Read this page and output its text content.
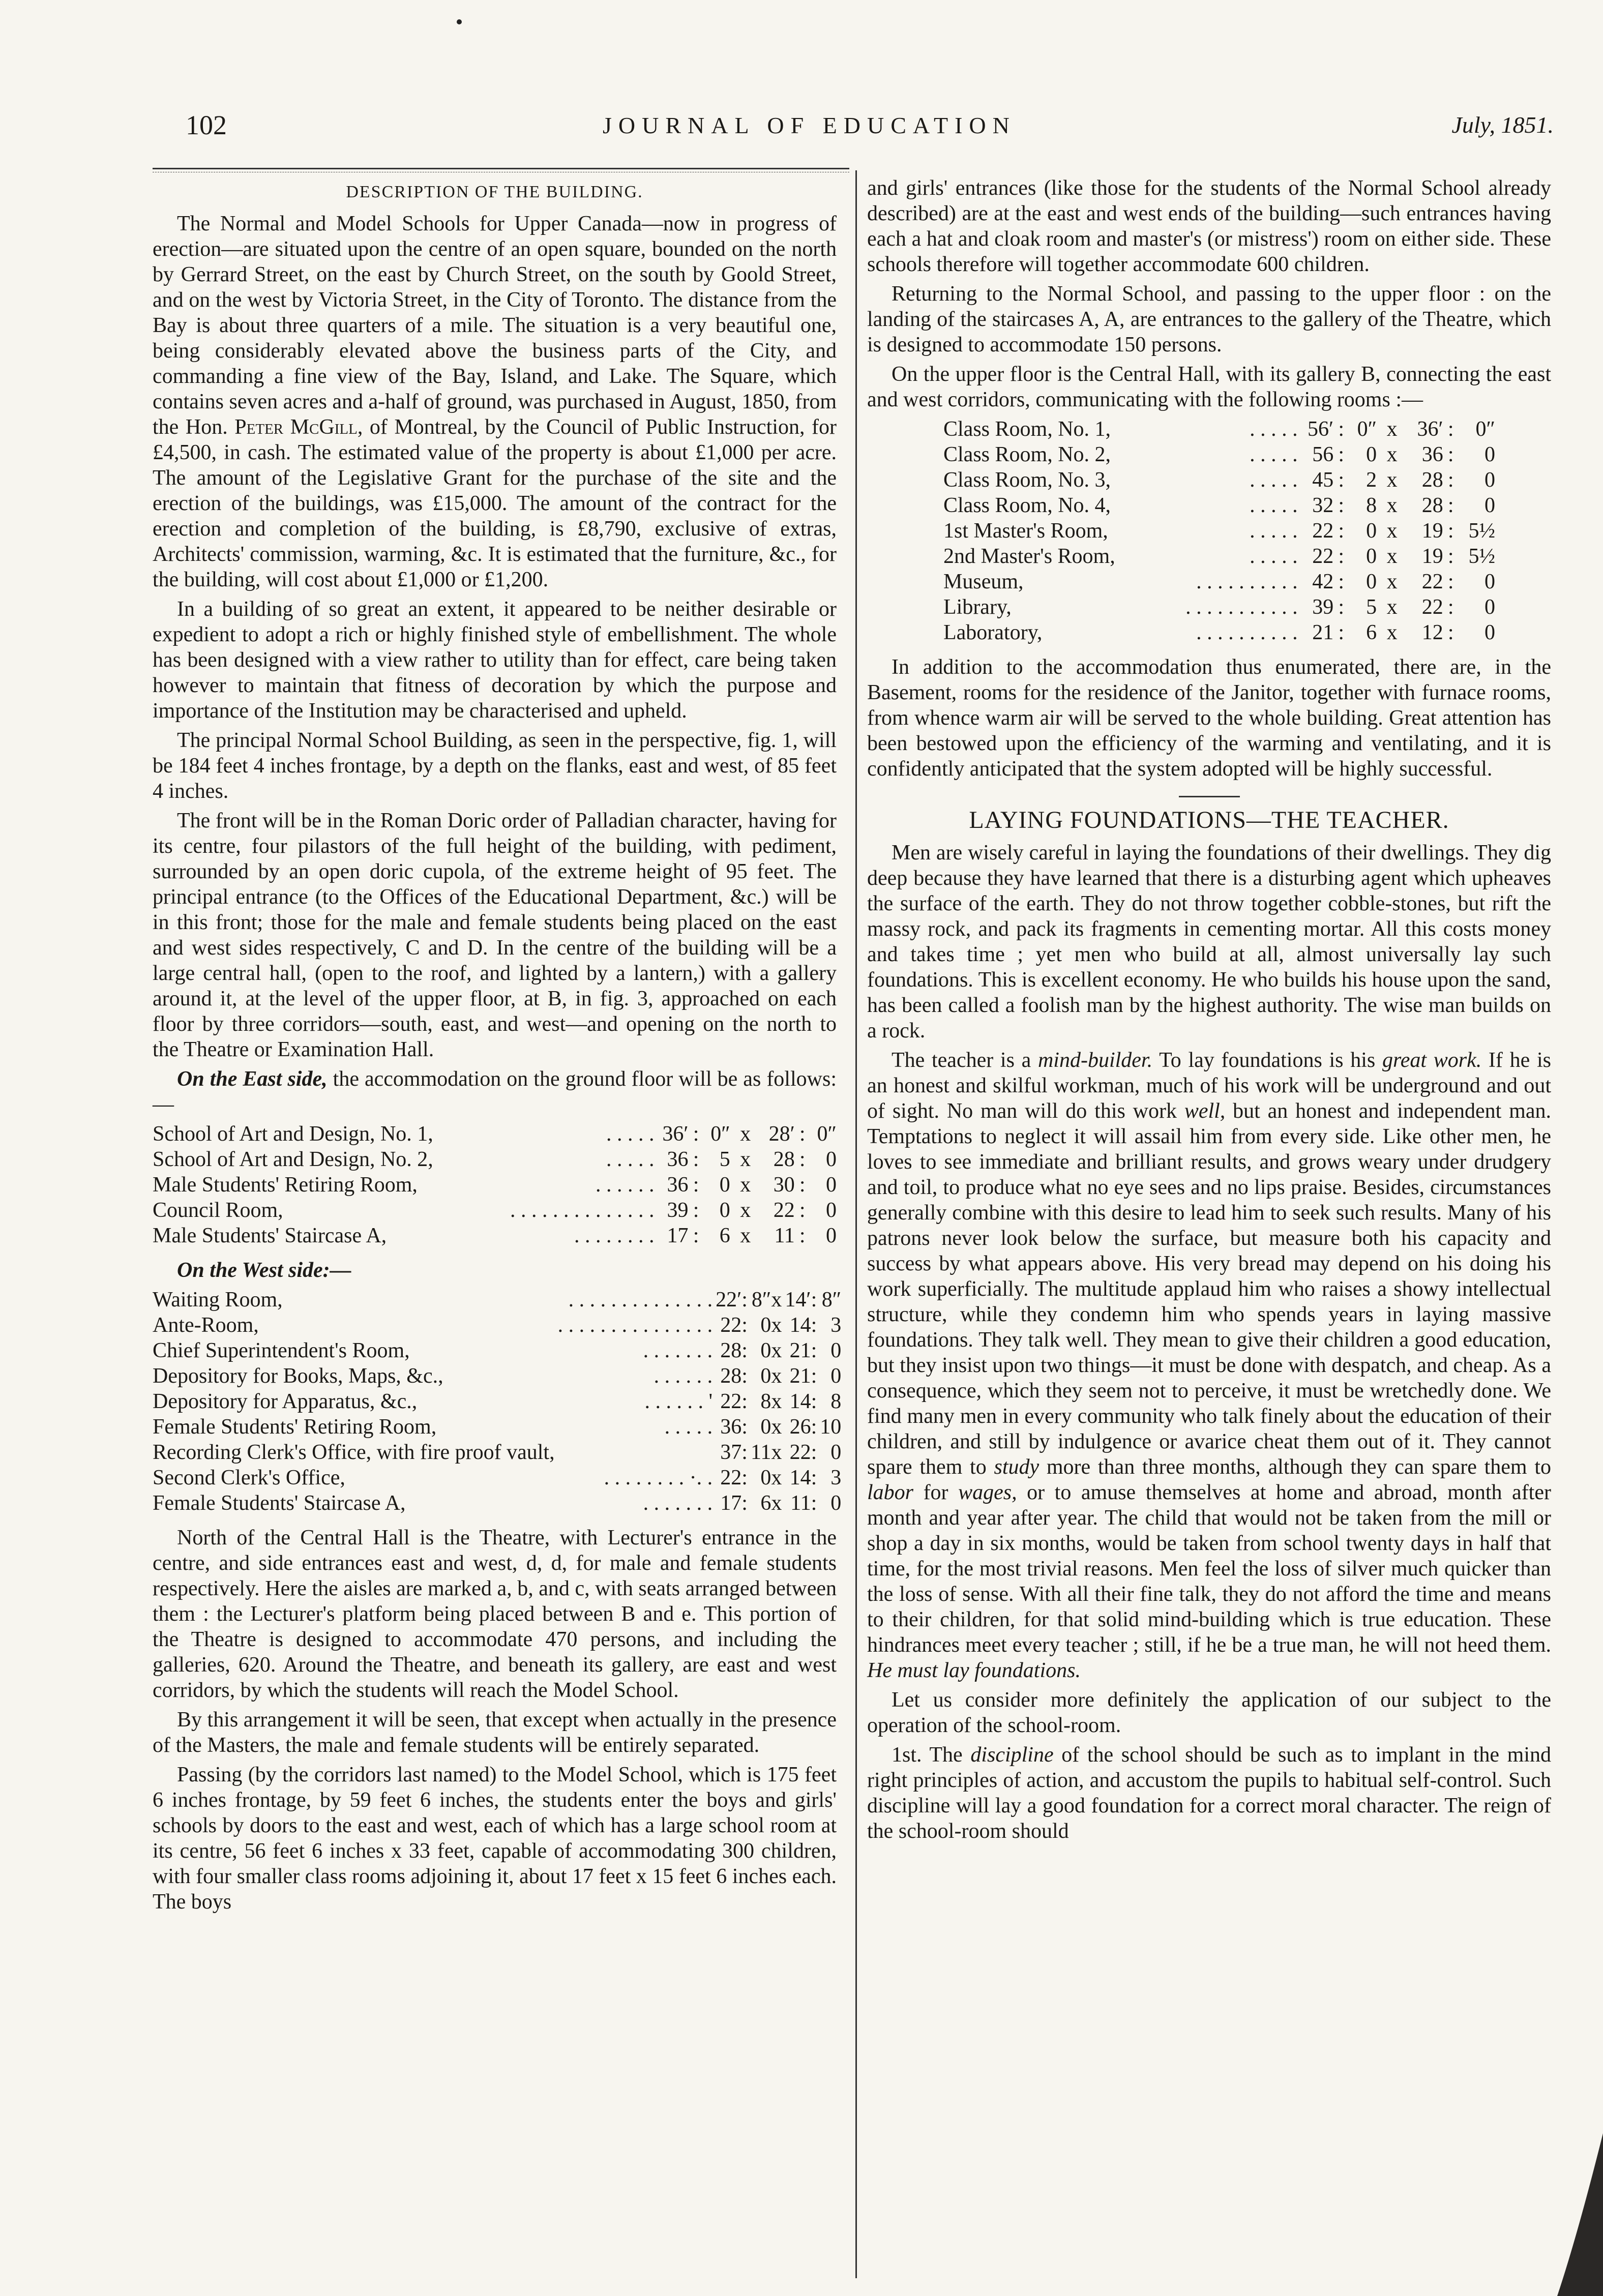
102	JOURNAL OF EDUCATION	July, 1851.
DESCRIPTION OF THE BUILDING.

The Normal and Model Schools for Upper Canada—now in progress of erection—are situated upon the centre of an open square, bounded on the north by Gerrard Street, on the east by Church Street, on the south by Goold Street, and on the west by Victoria Street, in the City of Toronto. The distance from the Bay is about three quarters of a mile. The situation is a very beautiful one, being considerably elevated above the business parts of the City, and commanding a fine view of the Bay, Island, and Lake. The Square, which contains seven acres and a-half of ground, was purchased in August, 1850, from the Hon. Peter McGill, of Montreal, by the Council of Public Instruction, for £4,500, in cash. The estimated value of the property is about £1,000 per acre. The amount of the Legislative Grant for the purchase of the site and the erection of the buildings, was £15,000. The amount of the contract for the erection and completion of the building, is £8,790, exclusive of extras, Architects' commission, warming, &c. It is estimated that the furniture, &c., for the building, will cost about £1,000 or £1,200.

In a building of so great an extent, it appeared to be neither desirable or expedient to adopt a rich or highly finished style of embellishment. The whole has been designed with a view rather to utility than for effect, care being taken however to maintain that fitness of decoration by which the purpose and importance of the Institution may be characterised and upheld.

The principal Normal School Building, as seen in the perspective, fig. 1, will be 184 feet 4 inches frontage, by a depth on the flanks, east and west, of 85 feet 4 inches.

The front will be in the Roman Doric order of Palladian character, having for its centre, four pilastors of the full height of the building, with pediment, surrounded by an open doric cupola, of the extreme height of 95 feet. The principal entrance (to the Offices of the Educational Department, &c.) will be in this front; those for the male and female students being placed on the east and west sides respectively, C and D. In the centre of the building will be a large central hall, (open to the roof, and lighted by a lantern,) with a gallery around it, at the level of the upper floor, at B, in fig. 3, approached on each floor by three corridors—south, east, and west—and opening on the north to the Theatre or Examination Hall.

On the East side, the accommodation on the ground floor will be as follows:—

School of Art and Design, No. 1,	. . . . .	36′	:	0″	x	28′	:	0″
School of Art and Design, No. 2,	. . . . .	36	:	5	x	28	:	0
Male Students' Retiring Room,	. . . . . .	36	:	0	x	30	:	0
Council Room,	. . . . . . . . . . . . . .	39	:	0	x	22	:	0
Male Students' Staircase A,	. . . . . . . .	17	:	6	x	11	:	0

On the West side:—

Waiting Room,	. . . . . . . . . . . . . .	22′	:	8″	x	14′	:	8″
Ante-Room,	. . . . . . . . . . . . . . .	22	:	0	x	14	:	3
Chief Superintendent's Room,	. . . . . . .	28	:	0	x	21	:	0
Depository for Books, Maps, &c.,	. . . . . .	28	:	0	x	21	:	0
Depository for Apparatus, &c.,	. . . . . . '	22	:	8	x	14	:	8
Female Students' Retiring Room,	. . . . .	36	:	0	x	26	:	10
Recording Clerk's Office, with fire proof vault,		37	:	11	x	22	:	0
Second Clerk's Office,	. . . . . . . . ·. .	22	:	0	x	14	:	3
Female Students' Staircase A,	. . . . . . .	17	:	6	x	11	:	0

North of the Central Hall is the Theatre, with Lecturer's entrance in the centre, and side entrances east and west, d, d, for male and female students respectively. Here the aisles are marked a, b, and c, with seats arranged between them : the Lecturer's platform being placed between B and e. This portion of the Theatre is designed to accommodate 470 persons, and including the galleries, 620. Around the Theatre, and beneath its gallery, are east and west corridors, by which the students will reach the Model School.

By this arrangement it will be seen, that except when actually in the presence of the Masters, the male and female students will be entirely separated.

Passing (by the corridors last named) to the Model School, which is 175 feet 6 inches frontage, by 59 feet 6 inches, the students enter the boys and girls' schools by doors to the east and west, each of which has a large school room at its centre, 56 feet 6 inches x 33 feet, capable of accommodating 300 children, with four smaller class rooms adjoining it, about 17 feet x 15 feet 6 inches each. The boys

and girls' entrances (like those for the students of the Normal School already described) are at the east and west ends of the building—such entrances having each a hat and cloak room and master's (or mistress') room on either side. These schools therefore will together accommodate 600 children.

Returning to the Normal School, and passing to the upper floor : on the landing of the staircases A, A, are entrances to the gallery of the Theatre, which is designed to accommodate 150 persons.

On the upper floor is the Central Hall, with its gallery B, connecting the east and west corridors, communicating with the following rooms :—

Class Room, No. 1,	. . . . .	56′	:	0″	x	36′	:	0″
Class Room, No. 2,	. . . . .	56	:	0	x	36	:	0
Class Room, No. 3,	. . . . .	45	:	2	x	28	:	0
Class Room, No. 4,	. . . . .	32	:	8	x	28	:	0
1st Master's Room,	. . . . .	22	:	0	x	19	:	5½
2nd Master's Room,	. . . . .	22	:	0	x	19	:	5½
Museum,	. . . . . . . . . .	42	:	0	x	22	:	0
Library,	. . . . . . . . . . .	39	:	5	x	22	:	0
Laboratory,	. . . . . . . . . .	21	:	6	x	12	:	0

In addition to the accommodation thus enumerated, there are, in the Basement, rooms for the residence of the Janitor, together with furnace rooms, from whence warm air will be served to the whole building. Great attention has been bestowed upon the efficiency of the warming and ventilating, and it is confidently anticipated that the system adopted will be highly successful.

LAYING FOUNDATIONS—THE TEACHER.

Men are wisely careful in laying the foundations of their dwellings. They dig deep because they have learned that there is a disturbing agent which upheaves the surface of the earth. They do not throw together cobble-stones, but rift the massy rock, and pack its fragments in cementing mortar. All this costs money and takes time ; yet men who build at all, almost universally lay such foundations. This is excellent economy. He who builds his house upon the sand, has been called a foolish man by the highest authority. The wise man builds on a rock.

The teacher is a mind-builder. To lay foundations is his great work. If he is an honest and skilful workman, much of his work will be underground and out of sight. No man will do this work well, but an honest and independent man. Temptations to neglect it will assail him from every side. Like other men, he loves to see immediate and brilliant results, and grows weary under drudgery and toil, to produce what no eye sees and no lips praise. Besides, circumstances generally combine with this desire to lead him to seek such results. Many of his patrons never look below the surface, but measure both his capacity and success by what appears above. His very bread may depend on his doing his work superficially. The multitude applaud him who raises a showy intellectual structure, while they condemn him who spends years in laying massive foundations. They talk well. They mean to give their children a good education, but they insist upon two things—it must be done with despatch, and cheap. As a consequence, which they seem not to perceive, it must be wretchedly done. We find many men in every community who talk finely about the education of their children, and still by indulgence or avarice cheat them out of it. They cannot spare them to study more than three months, although they can spare them to labor for wages, or to amuse themselves at home and abroad, month after month and year after year. The child that would not be taken from the mill or shop a day in six months, would be taken from school twenty days in half that time, for the most trivial reasons. Men feel the loss of silver much quicker than the loss of sense. With all their fine talk, they do not afford the time and means to their children, for that solid mind-building which is true education. These hindrances meet every teacher ; still, if he be a true man, he will not heed them. He must lay foundations.

Let us consider more definitely the application of our subject to the operation of the school-room.

1st. The discipline of the school should be such as to implant in the mind right principles of action, and accustom the pupils to habitual self-control. Such discipline will lay a good foundation for a correct moral character. The reign of the school-room should
